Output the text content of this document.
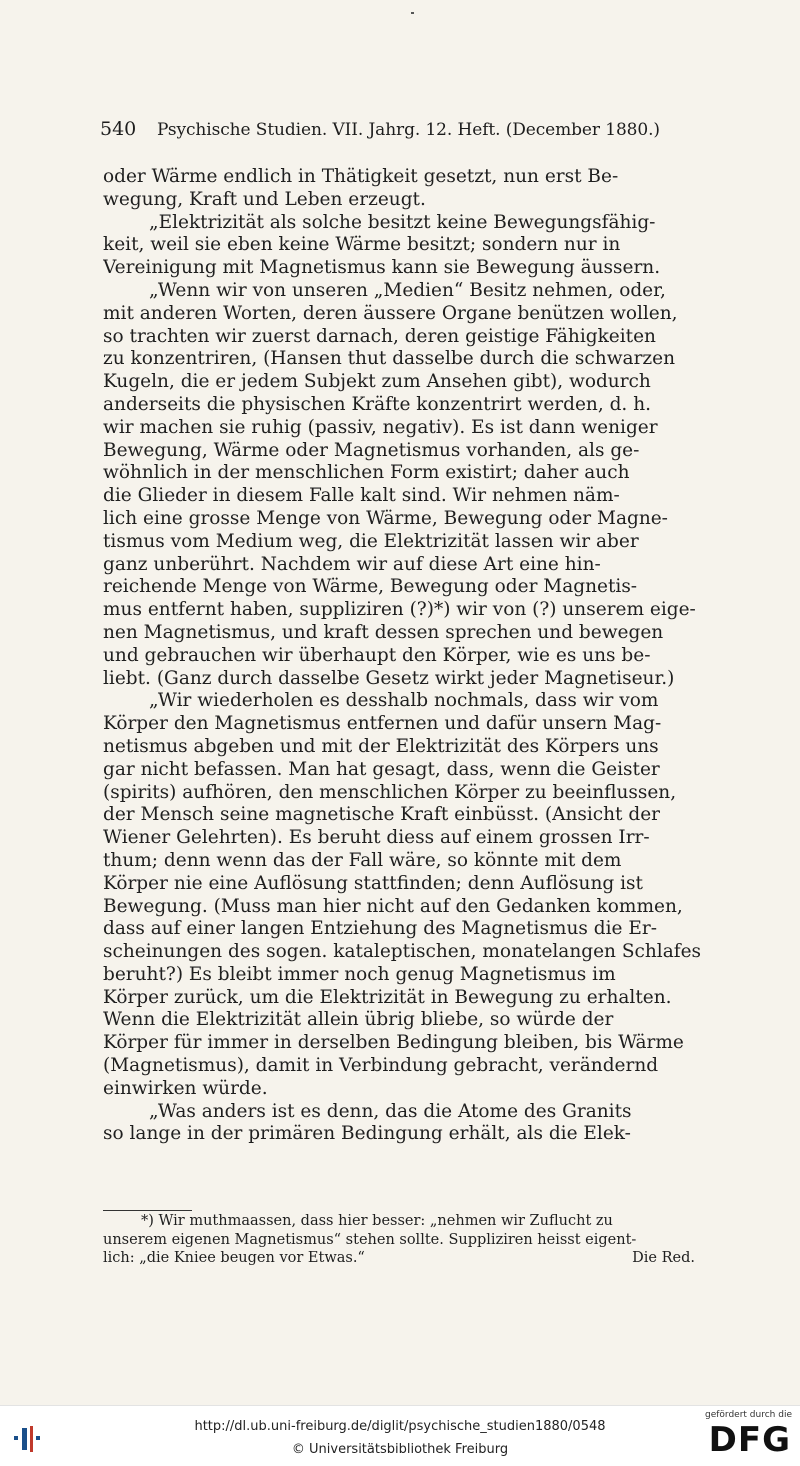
540 Psychische Studien. VII. Jahrg. 12. Heft. (December 1880.)
oder Wärme endlich in Thätigkeit gesetzt, nun erst Be-
wegung, Kraft und Leben erzeugt.
„Elektrizität als solche besitzt keine Bewegungsfähig-
keit, weil sie eben keine Wärme besitzt; sondern nur in
Vereinigung mit Magnetismus kann sie Bewegung äussern.
„Wenn wir von unseren „Medien“ Besitz nehmen, oder,
mit anderen Worten, deren äussere Organe benützen wollen,
so trachten wir zuerst darnach, deren geistige Fähigkeiten
zu konzentriren, (Hansen thut dasselbe durch die schwarzen
Kugeln, die er jedem Subjekt zum Ansehen gibt), wodurch
anderseits die physischen Kräfte konzentrirt werden, d. h.
wir machen sie ruhig (passiv, negativ). Es ist dann weniger
Bewegung, Wärme oder Magnetismus vorhanden, als ge-
wöhnlich in der menschlichen Form existirt; daher auch
die Glieder in diesem Falle kalt sind. Wir nehmen näm-
lich eine grosse Menge von Wärme, Bewegung oder Magne-
tismus vom Medium weg, die Elektrizität lassen wir aber
ganz unberührt. Nachdem wir auf diese Art eine hin-
reichende Menge von Wärme, Bewegung oder Magnetis-
mus entfernt haben, suppliziren (?)*) wir von (?) unserem eige-
nen Magnetismus, und kraft dessen sprechen und bewegen
und gebrauchen wir überhaupt den Körper, wie es uns be-
liebt. (Ganz durch dasselbe Gesetz wirkt jeder Magnetiseur.)
„Wir wiederholen es desshalb nochmals, dass wir vom
Körper den Magnetismus entfernen und dafür unsern Mag-
netismus abgeben und mit der Elektrizität des Körpers uns
gar nicht befassen. Man hat gesagt, dass, wenn die Geister
(spirits) aufhören, den menschlichen Körper zu beeinflussen,
der Mensch seine magnetische Kraft einbüsst. (Ansicht der
Wiener Gelehrten). Es beruht diess auf einem grossen Irr-
thum; denn wenn das der Fall wäre, so könnte mit dem
Körper nie eine Auflösung stattfinden; denn Auflösung ist
Bewegung. (Muss man hier nicht auf den Gedanken kommen,
dass auf einer langen Entziehung des Magnetismus die Er-
scheinungen des sogen. kataleptischen, monatelangen Schlafes
beruht?) Es bleibt immer noch genug Magnetismus im
Körper zurück, um die Elektrizität in Bewegung zu erhalten.
Wenn die Elektrizität allein übrig bliebe, so würde der
Körper für immer in derselben Bedingung bleiben, bis Wärme
(Magnetismus), damit in Verbindung gebracht, verändernd
einwirken würde.
„Was anders ist es denn, das die Atome des Granits
so lange in der primären Bedingung erhält, als die Elek-
*) Wir muthmaassen, dass hier besser: „nehmen wir Zuflucht zu
unserem eigenen Magnetismus“ stehen sollte. Suppliziren heisst eigent-
lich: „die Kniee beugen vor Etwas.“	Die Red.
http://dl.ub.uni-freiburg.de/diglit/psychische_studien1880/0548
© Universitätsbibliothek Freiburg
gefördert durch die
DFG
